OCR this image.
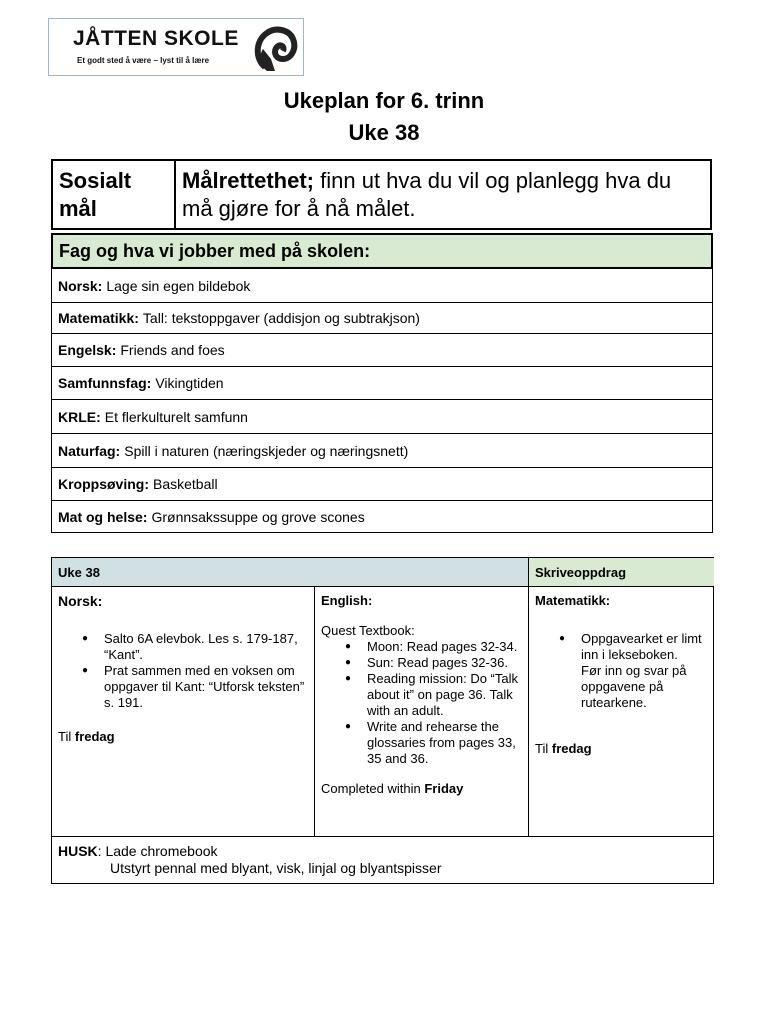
JÅTTEN SKOLE
Et godt sted å være – lyst til å lære
Ukeplan for 6. trinn
Uke 38
Sosialt mål
Målrettethet; finn ut hva du vil og planlegg hva du må gjøre for å nå målet.
Fag og hva vi jobber med på skolen:
Norsk: Lage sin egen bildebok
Matematikk: Tall: tekstoppgaver (addisjon og subtrakjson)
Engelsk: Friends and foes
Samfunnsfag: Vikingtiden
KRLE: Et flerkulturelt samfunn
Naturfag: Spill i naturen (næringskjeder og næringsnett)
Kroppsøving: Basketball
Mat og helse: Grønnsakssuppe og grove scones
Uke 38	Skriveoppdrag
Norsk:
● Salto 6A elevbok. Les s. 179-187, “Kant”.
● Prat sammen med en voksen om oppgaver til Kant: “Utforsk teksten” s. 191.
Til fredag
English:
Quest Textbook:
● Moon: Read pages 32-34.
● Sun: Read pages 32-36.
● Reading mission: Do “Talk about it” on page 36. Talk with an adult.
● Write and rehearse the glossaries from pages 33, 35 and 36.
Completed within Friday
Matematikk:
● Oppgavearket er limt inn i lekseboken.
Før inn og svar på oppgavene på rutearkene.
Til fredag
HUSK: Lade chromebook
Utstyrt pennal med blyant, visk, linjal og blyantspisser
